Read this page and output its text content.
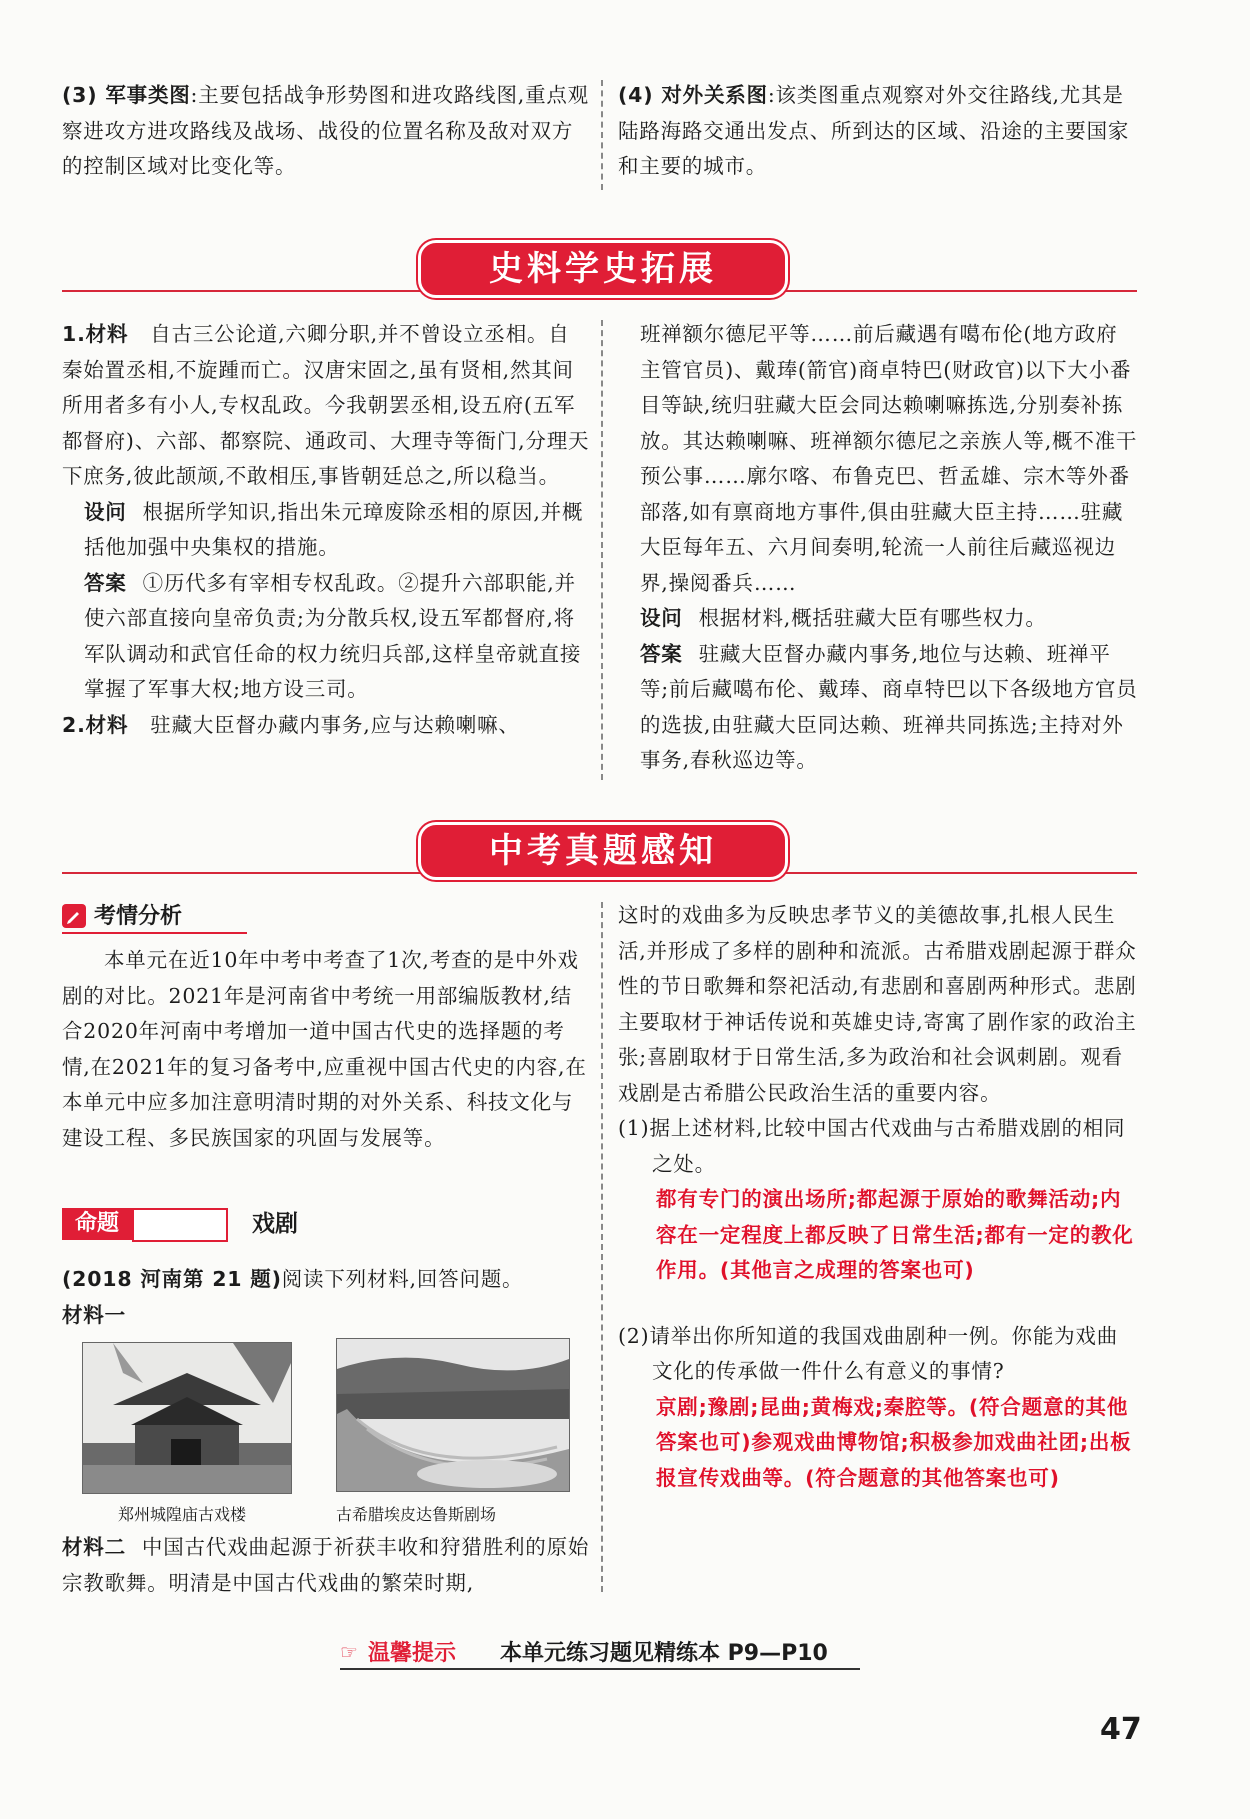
(3) 军事类图:主要包括战争形势图和进攻路线图,重点观察进攻方进攻路线及战场、战役的位置名称及敌对双方的控制区域对比变化等。

(4) 对外关系图:该类图重点观察对外交往路线,尤其是陆路海路交通出发点、所到达的区域、沿途的主要国家和主要的城市。

史料学史拓展

1.材料 自古三公论道,六卿分职,并不曾设立丞相。自秦始置丞相,不旋踵而亡。汉唐宋固之,虽有贤相,然其间所用者多有小人,专权乱政。今我朝罢丞相,设五府(五军都督府)、六部、都察院、通政司、大理寺等衙门,分理天下庶务,彼此颉颃,不敢相压,事皆朝廷总之,所以稳当。

设问 根据所学知识,指出朱元璋废除丞相的原因,并概括他加强中央集权的措施。

答案 ①历代多有宰相专权乱政。②提升六部职能,并使六部直接向皇帝负责;为分散兵权,设五军都督府,将军队调动和武官任命的权力统归兵部,这样皇帝就直接掌握了军事大权;地方设三司。

2.材料 驻藏大臣督办藏内事务,应与达赖喇嘛、

班禅额尔德尼平等……前后藏遇有噶布伦(地方政府主管官员)、戴琫(箭官)商卓特巴(财政官)以下大小番目等缺,统归驻藏大臣会同达赖喇嘛拣选,分别奏补拣放。其达赖喇嘛、班禅额尔德尼之亲族人等,概不准干预公事……廓尔喀、布鲁克巴、哲孟雄、宗木等外番部落,如有禀商地方事件,俱由驻藏大臣主持……驻藏大臣每年五、六月间奏明,轮流一人前往后藏巡视边界,操阅番兵……

设问 根据材料,概括驻藏大臣有哪些权力。

答案 驻藏大臣督办藏内事务,地位与达赖、班禅平等;前后藏噶布伦、戴琫、商卓特巴以下各级地方官员的选拔,由驻藏大臣同达赖、班禅共同拣选;主持对外事务,春秋巡边等。

中考真题感知
考情分析
本单元在近10年中考中考查了1次,考查的是中外戏剧的对比。2021年是河南省中考统一用部编版教材,结合2020年河南中考增加一道中国古代史的选择题的考情,在2021年的复习备考中,应重视中国古代史的内容,在本单元中应多加注意明清时期的对外关系、科技文化与建设工程、多民族国家的巩固与发展等。
命题	戏剧

(2018 河南第 21 题)阅读下列材料,回答问题。

材料一

郑州城隍庙古戏楼	古希腊埃皮达鲁斯剧场

材料二 中国古代戏曲起源于祈获丰收和狩猎胜利的原始宗教歌舞。明清是中国古代戏曲的繁荣时期,

这时的戏曲多为反映忠孝节义的美德故事,扎根人民生活,并形成了多样的剧种和流派。古希腊戏剧起源于群众性的节日歌舞和祭祀活动,有悲剧和喜剧两种形式。悲剧主要取材于神话传说和英雄史诗,寄寓了剧作家的政治主张;喜剧取材于日常生活,多为政治和社会讽刺剧。观看戏剧是古希腊公民政治生活的重要内容。

(1)据上述材料,比较中国古代戏曲与古希腊戏剧的相同之处。

都有专门的演出场所;都起源于原始的歌舞活动;内容在一定程度上都反映了日常生活;都有一定的教化作用。(其他言之成理的答案也可)

(2)请举出你所知道的我国戏曲剧种一例。你能为戏曲文化的传承做一件什么有意义的事情?

京剧;豫剧;昆曲;黄梅戏;秦腔等。(符合题意的其他答案也可)参观戏曲博物馆;积极参加戏曲社团;出板报宣传戏曲等。(符合题意的其他答案也可)

☞ 温馨提示 本单元练习题见精练本 P9—P10
47
